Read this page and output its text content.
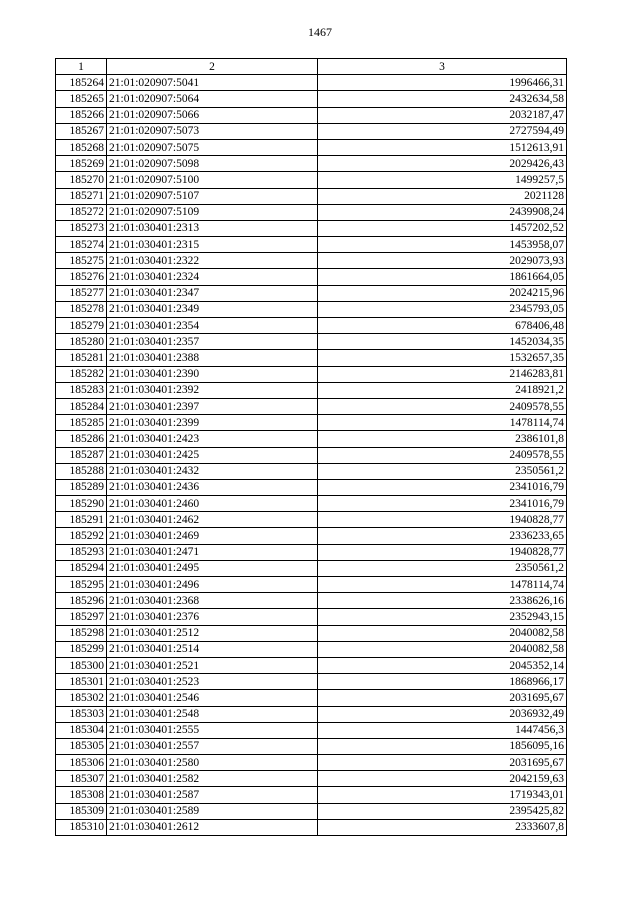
1467
1	2	3
185264	21:01:020907:5041	1996466,31
185265	21:01:020907:5064	2432634,58
185266	21:01:020907:5066	2032187,47
185267	21:01:020907:5073	2727594,49
185268	21:01:020907:5075	1512613,91
185269	21:01:020907:5098	2029426,43
185270	21:01:020907:5100	1499257,5
185271	21:01:020907:5107	2021128
185272	21:01:020907:5109	2439908,24
185273	21:01:030401:2313	1457202,52
185274	21:01:030401:2315	1453958,07
185275	21:01:030401:2322	2029073,93
185276	21:01:030401:2324	1861664,05
185277	21:01:030401:2347	2024215,96
185278	21:01:030401:2349	2345793,05
185279	21:01:030401:2354	678406,48
185280	21:01:030401:2357	1452034,35
185281	21:01:030401:2388	1532657,35
185282	21:01:030401:2390	2146283,81
185283	21:01:030401:2392	2418921,2
185284	21:01:030401:2397	2409578,55
185285	21:01:030401:2399	1478114,74
185286	21:01:030401:2423	2386101,8
185287	21:01:030401:2425	2409578,55
185288	21:01:030401:2432	2350561,2
185289	21:01:030401:2436	2341016,79
185290	21:01:030401:2460	2341016,79
185291	21:01:030401:2462	1940828,77
185292	21:01:030401:2469	2336233,65
185293	21:01:030401:2471	1940828,77
185294	21:01:030401:2495	2350561,2
185295	21:01:030401:2496	1478114,74
185296	21:01:030401:2368	2338626,16
185297	21:01:030401:2376	2352943,15
185298	21:01:030401:2512	2040082,58
185299	21:01:030401:2514	2040082,58
185300	21:01:030401:2521	2045352,14
185301	21:01:030401:2523	1868966,17
185302	21:01:030401:2546	2031695,67
185303	21:01:030401:2548	2036932,49
185304	21:01:030401:2555	1447456,3
185305	21:01:030401:2557	1856095,16
185306	21:01:030401:2580	2031695,67
185307	21:01:030401:2582	2042159,63
185308	21:01:030401:2587	1719343,01
185309	21:01:030401:2589	2395425,82
185310	21:01:030401:2612	2333607,8
